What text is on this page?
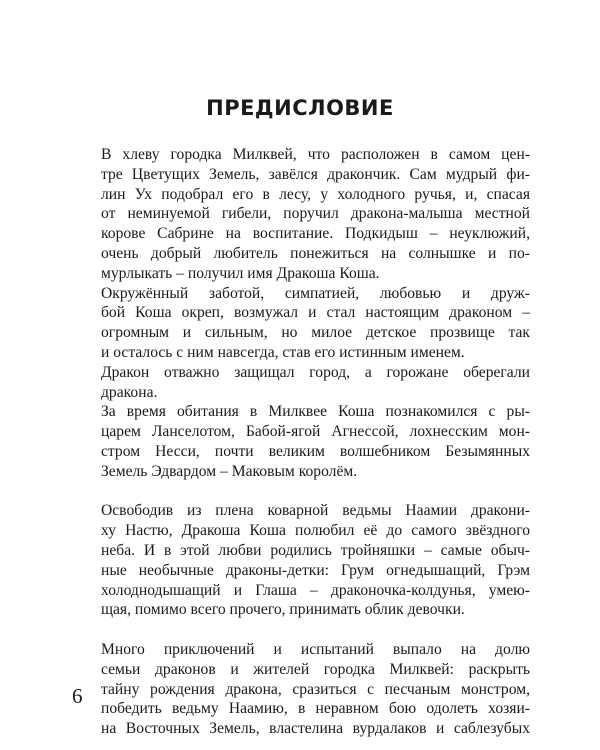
ПРЕДИСЛОВИЕ

В хлеву городка Милквей, что расположен в самом цен-
тре Цветущих Земель, завёлся дракончик. Сам мудрый фи-
лин Ух подобрал его в лесу, у холодного ручья, и, спасая
от неминуемой гибели, поручил дракона-малыша местной
корове Сабрине на воспитание. Подкидыш – неуклюжий,
очень добрый любитель понежиться на солнышке и по-
мурлыкать – получил имя Дракоша Коша.

Окружённый заботой, симпатией, любовью и друж-
бой Коша окреп, возмужал и стал настоящим драконом –
огромным и сильным, но милое детское прозвище так
и осталось с ним навсегда, став его истинным именем.

Дракон отважно защищал город, а горожане оберегали
дракона.

За время обитания в Милквее Коша познакомился с ры-
царем Ланселотом, Бабой-ягой Агнессой, лохнесским мон-
стром Несси, почти великим волшебником Безымянных
Земель Эдвардом – Маковым королём.

Освободив из плена коварной ведьмы Наамии дракони-
ху Настю, Дракоша Коша полюбил её до самого звёздного
неба. И в этой любви родились тройняшки – самые обыч-
ные необычные драконы-детки: Грум огнедышащий, Грэм
холоднодышащий и Глаша – драконочка-колдунья, умею-
щая, помимо всего прочего, принимать облик девочки.

Много приключений и испытаний выпало на долю
семьи драконов и жителей городка Милквей: раскрыть
тайну рождения дракона, сразиться с песчаным монстром,
победить ведьму Наамию, в неравном бою одолеть хозяи-
на Восточных Земель, властелина вурдалаков и саблезубых

6
